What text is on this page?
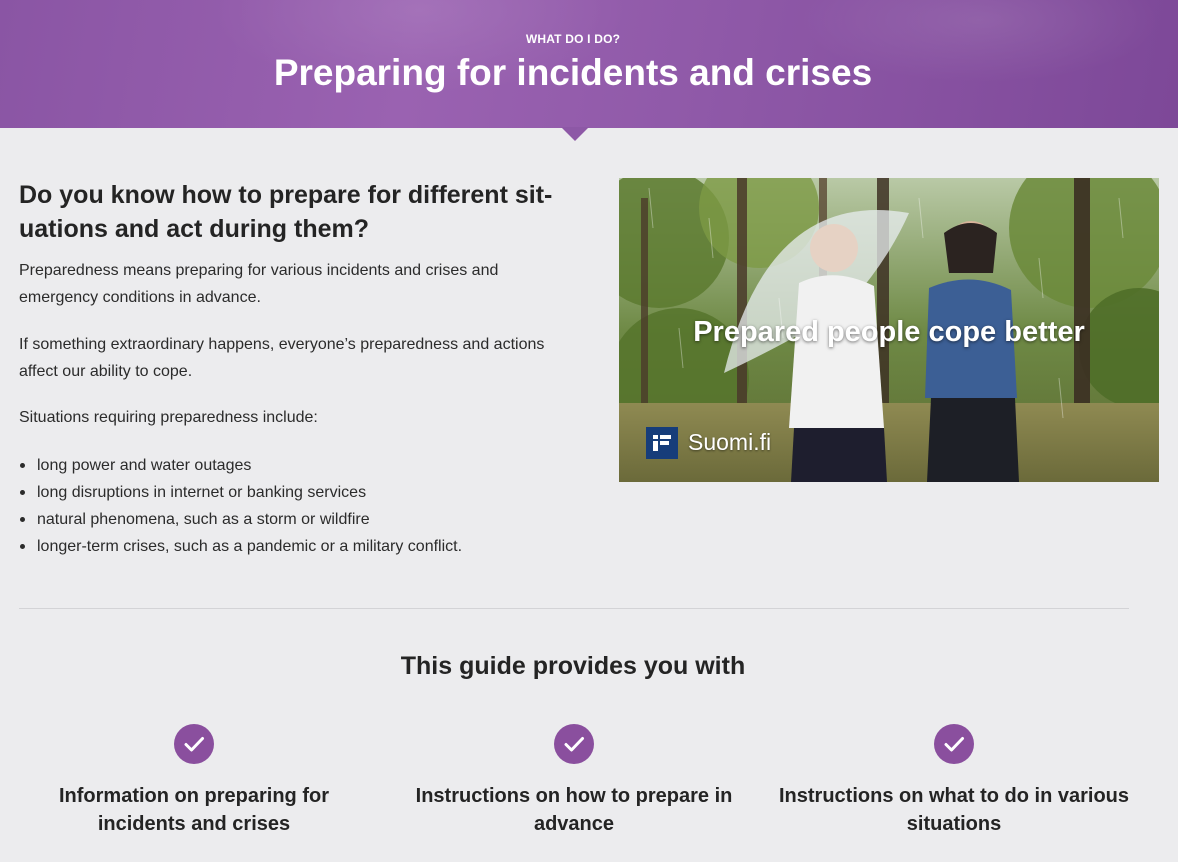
WHAT DO I DO?
Preparing for incidents and crises
Do you know how to prepare for different sit-uations and act during them?

Preparedness means preparing for various incidents and crises and emergency conditions in advance.

If something extraordinary happens, everyone’s preparedness and actions affect our ability to cope.

Situations requiring preparedness include:

long power and water outages
long disruptions in internet or banking services
natural phenomena, such as a storm or wildfire
longer-term crises, such as a pandemic or a military conflict.
Prepared people cope better
Suomi.fi
This guide provides you with
Information on preparing for incidents and crises
Instructions on how to prepare in advance
Instructions on what to do in various situations
